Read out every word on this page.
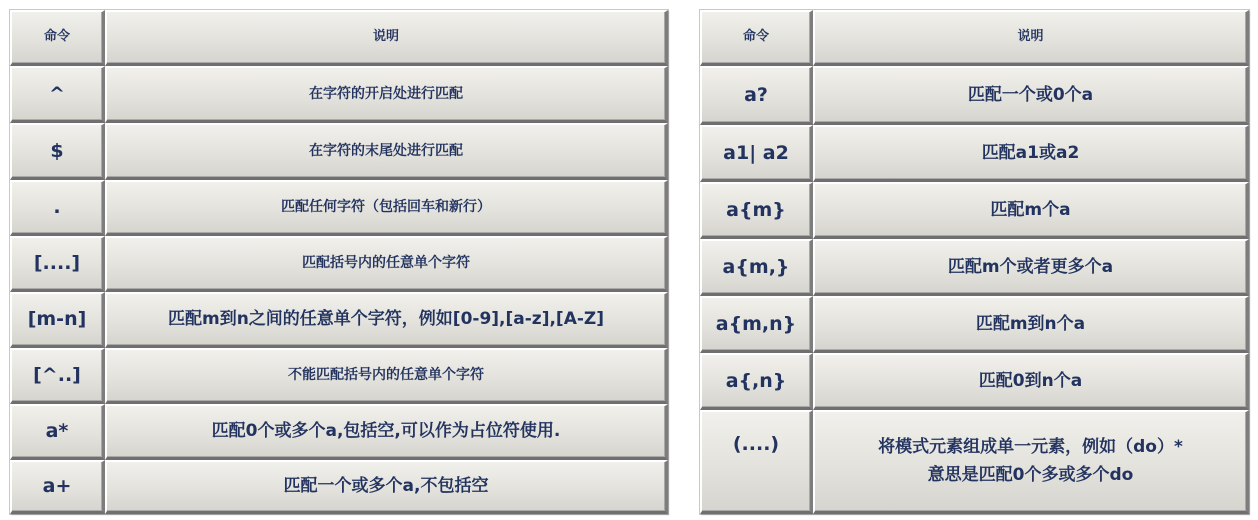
命令	说明
^	在字符的开启处进行匹配
$	在字符的末尾处进行匹配
.	匹配任何字符（包括回车和新行）
[....]	匹配括号内的任意单个字符
[m-n]	匹配m到n之间的任意单个字符，例如[0-9],[a-z],[A-Z]
[^..]	不能匹配括号内的任意单个字符
a*	匹配0个或多个a,包括空,可以作为占位符使用.
a+	匹配一个或多个a,不包括空
命令	说明
a?	匹配一个或0个a
a1| a2	匹配a1或a2
a{m}	匹配m个a
a{m,}	匹配m个或者更多个a
a{m,n}	匹配m到n个a
a{,n}	匹配0到n个a
(....)	将模式元素组成单一元素，例如（do）*
意思是匹配0个多或多个do
